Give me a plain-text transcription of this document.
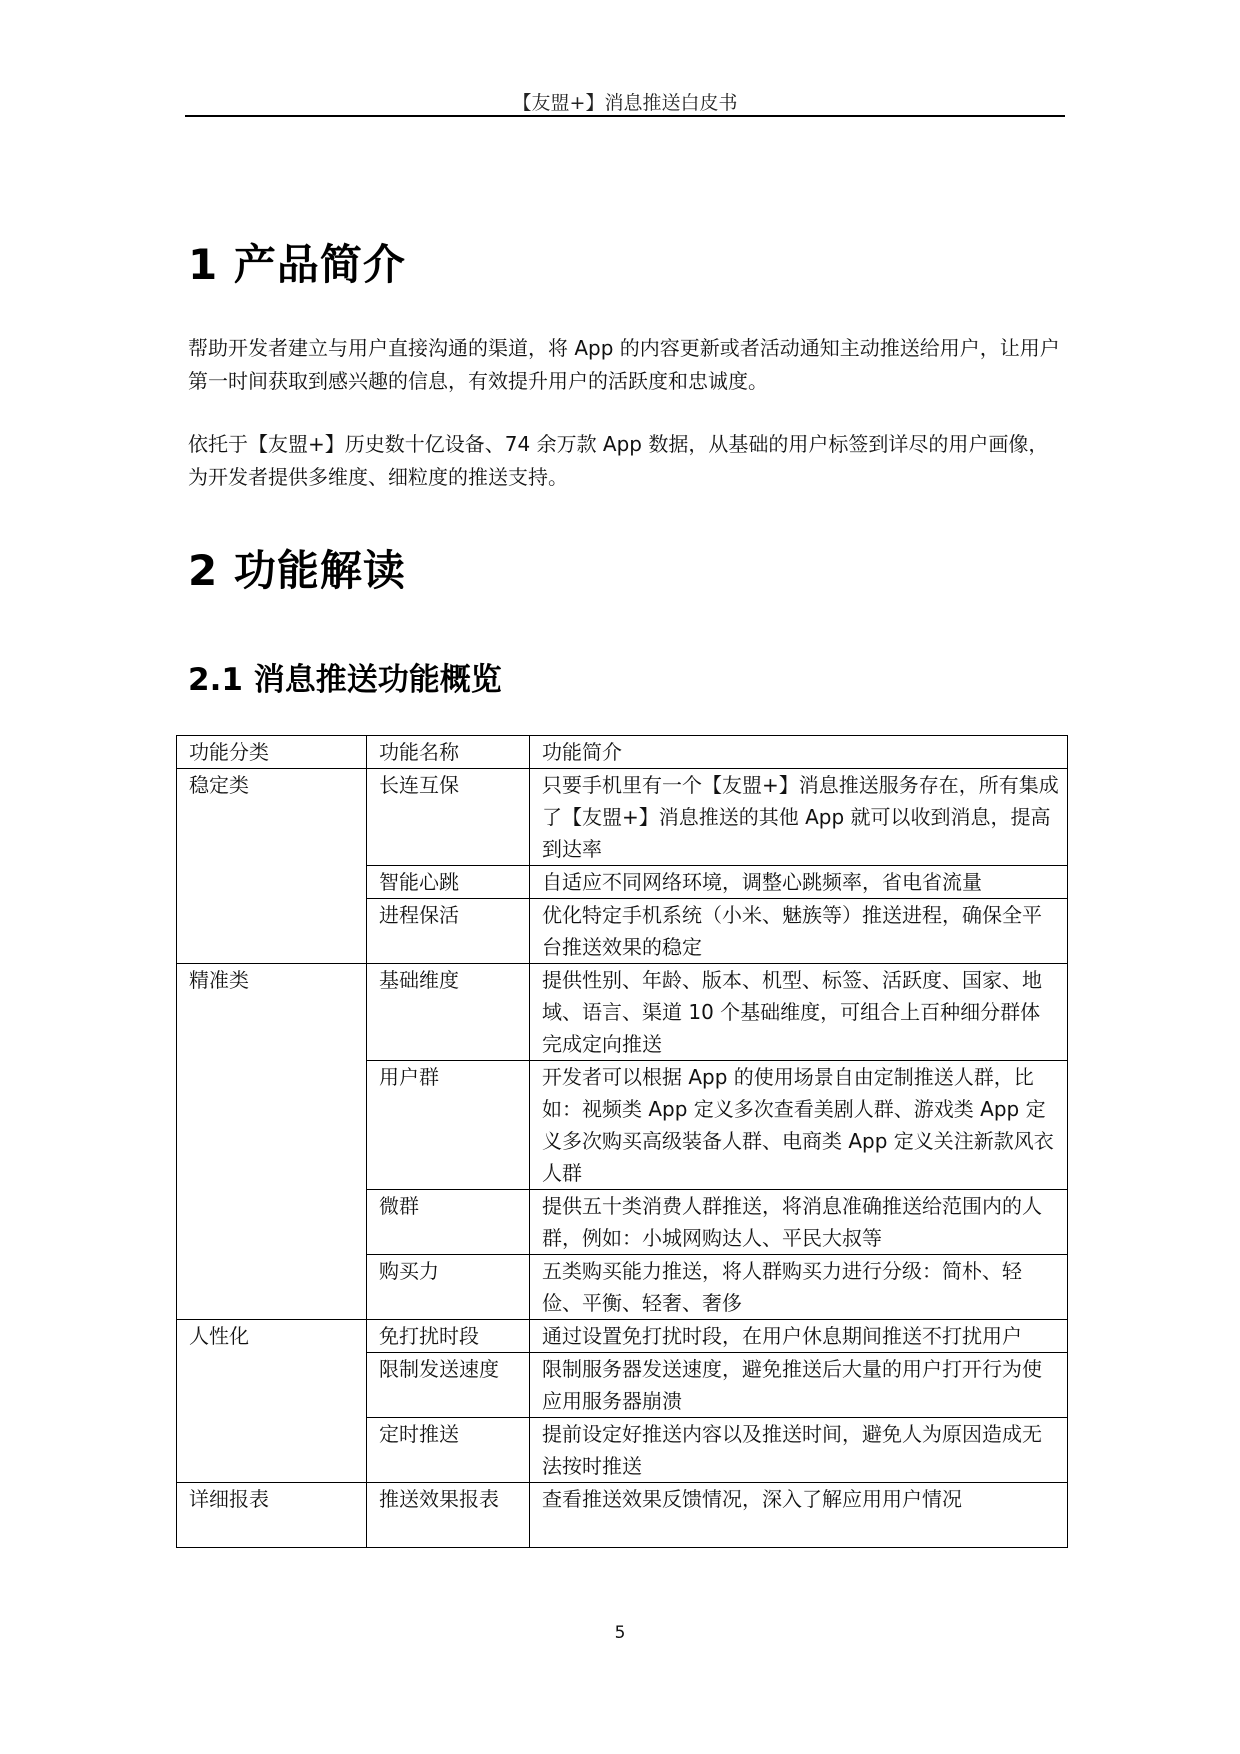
【友盟+】消息推送白皮书
1 产品简介

帮助开发者建立与用户直接沟通的渠道，将 App 的内容更新或者活动通知主动推送给用户，让用户第一时间获取到感兴趣的信息，有效提升用户的活跃度和忠诚度。

依托于【友盟+】历史数十亿设备、74 余万款 App 数据，从基础的用户标签到详尽的用户画像，为开发者提供多维度、细粒度的推送支持。

2 功能解读
2.1 消息推送功能概览
功能分类	功能名称	功能简介
稳定类	长连互保	只要手机里有一个【友盟+】消息推送服务存在，所有集成了【友盟+】消息推送的其他 App 就可以收到消息，提高到达率
	智能心跳	自适应不同网络环境，调整心跳频率，省电省流量
	进程保活	优化特定手机系统（小米、魅族等）推送进程，确保全平台推送效果的稳定
精准类	基础维度	提供性别、年龄、版本、机型、标签、活跃度、国家、地域、语言、渠道 10 个基础维度，可组合上百种细分群体完成定向推送
	用户群	开发者可以根据 App 的使用场景自由定制推送人群，比如：视频类 App 定义多次查看美剧人群、游戏类 App 定义多次购买高级装备人群、电商类 App 定义关注新款风衣人群
	微群	提供五十类消费人群推送，将消息准确推送给范围内的人群，例如：小城网购达人、平民大叔等
	购买力	五类购买能力推送，将人群购买力进行分级：简朴、轻俭、平衡、轻奢、奢侈
人性化	免打扰时段	通过设置免打扰时段，在用户休息期间推送不打扰用户
	限制发送速度	限制服务器发送速度，避免推送后大量的用户打开行为使应用服务器崩溃
	定时推送	提前设定好推送内容以及推送时间，避免人为原因造成无法按时推送
详细报表	推送效果报表	查看推送效果反馈情况，深入了解应用用户情况
5
